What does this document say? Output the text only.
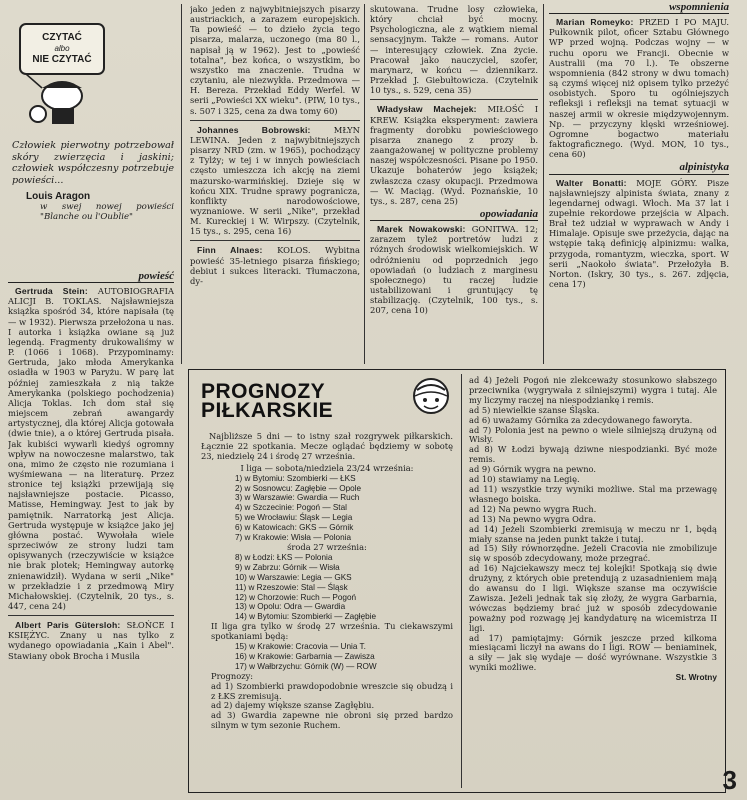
CZYTAĆ
albo
NIE CZYTAĆ
Człowiek pierwotny potrzebował skóry zwierzęcia i jaskini; człowiek współczesny potrzebuje powieści...
Louis Aragon
w swej nowej powieści "Blanche ou l'Oublie"
powieść

Gertruda Stein: AUTOBIOGRAFIA ALICJI B. TOKLAS. Najsławniejsza książka spośród 34, które napisała (tę — w 1932). Pierwsza przełożona u nas. I autorka i książka owiane są już legendą. Fragmenty drukowaliśmy w P. (1066 i 1068). Przypominamy: Gertruda, jako młoda Amerykanka osiadła w 1903 w Paryżu. W parę lat później zamieszkała z nią także Amerykanka (polskiego pochodzenia) Alicja Toklas. Ich dom stał się miejscem zebrań awangardy artystycznej, dla której Alicja gotowała (dwie tnie), a o której Gertruda pisała. Jak kubiści wywarli kiedyś ogromny wpływ na nowoczesne malarstwo, tak ona, mimo że często nie rozumiana i wyśmiewana — na literaturę. Przez stronice tej książki przewijają się najsławniejsze postacie. Picasso, Matisse, Hemingway. Jest to jak by pamiętnik. Narratorką jest Alicja. Gertruda występuje w książce jako jej główna postać. Wywołała wiele sprzeciwów ze strony ludzi tam opisywanych (rzeczywiście w książce nie brak plotek; Hemingway autorkę znienawidził). Wydana w serii „Nike" w przekładzie i z przedmową Miry Michałowskiej. (Czytelnik, 20 tys., s. 447, cena 24)

Albert Paris Gütersloh: SŁOŃCE I KSIĘŻYC. Znany u nas tylko z wydanego opowiadania „Kain i Abel". Stawiany obok Brocha i Musila

jako jeden z najwybitniejszych pisarzy austriackich, a zarazem europejskich. Ta powieść — to dzieło życia tego pisarza, malarza, uczonego (ma 80 l., napisał ją w 1962). Jest to „powieść totalna", bez końca, o wszystkim, bo wszystko ma znaczenie. Trudna w czytaniu, ale niezwykła. Przedmowa — H. Bereza. Przekład Eddy Werfel. W serii „Powieści XX wieku". (PIW, 10 tys., s. 507 i 325, cena za dwa tomy 60)

Johannes Bobrowski:	MŁYN LEWINA. Jeden z najwybitniejszych pisarzy NRD (zm. w 1965), pochodzący z Tylży; w tej i w innych powieściach często umieszcza ich akcję na ziemi mazursko-warmińskiej. Dzieje się w końcu XIX. Trudne sprawy pogranicza, konflikty narodowościowe, wyznaniowe. W serii „Nike", przekład M. Kureckiej i W. Wirpszy. (Czytelnik, 15 tys., s. 295, cena 16)

Finn Alnaes: KOLOS. Wybitna powieść 35-letniego pisarza fińskiego; debiut i sukces literacki. Tłumaczona, dy-

skutowana. Trudne losy człowieka, który chciał być mocny. Psychologiczna, ale z wątkiem niemal sensacyjnym. Także — romans. Autor — interesujący człowiek. Zna życie. Pracował jako nauczyciel, szofer, marynarz, w końcu — dziennikarz. Przekład J. Giebułtowicza. (Czytelnik 10 tys., s. 529, cena 35)

Władysław Machejek: MIŁOŚĆ I KREW. Książka eksperyment: zawiera fragmenty dorobku powieściowego pisarza znanego z prozy b. zaangażowanej w polityczne problemy naszej współczesności. Pisane po 1950. Ukazuje bohaterów jego książek; zwłaszcza czasy okupacji. Przedmowa — W. Maciąg. (Wyd. Poznańskie, 10 tys., s. 287, cena 25)

opowiadania

Marek Nowakowski: GONITWA. 12; zarazem tyleż portretów ludzi z różnych środowisk wielkomiejskich. W odróżnieniu od poprzednich jego opowiadań (o ludziach z marginesu społecznego) tu raczej ludzie ustabilizowani i gruntujący tę stabilizację. (Czytelnik, 100 tys., s. 207, cena 10)

wspomnienia

Marian Romeyko: PRZED I PO MAJU. Pułkownik pilot, oficer Sztabu Głównego WP przed wojną. Podczas wojny — w ruchu oporu we Francji. Obecnie w Australii (ma 70 l.). Te obszerne wspomnienia (842 strony w dwu tomach) są czymś więcej niż opisem tylko przeżyć osobistych. Sporo tu ogólniejszych refleksji i refleksji na temat sytuacji w naszej armii w okresie międzywojennym. Np. — przyczyny klęski wrześniowej. Ogromne bogactwo materiału faktograficznego. (Wyd. MON, 10 tys., cena 60)

alpinistyka

Walter Bonatti: MOJE GÓRY. Pisze najsławniejszy alpinista świata, znany z legendarnej odwagi. Włoch. Ma 37 lat i zupełnie rekordowe przejścia w Alpach. Brał też udział w wyprawach w Andy i Himalaje. Opisuje swe przeżycia, dając na wstępie taką definicję alpinizmu: walka, przygoda, romantyzm, wieczka, sport. W serii „Naokoło świata". Przełożyła B. Norton. (Iskry, 30 tys., s. 267. zdjęcia, cena 17)

PROGNOZY
PIŁKARSKIE

Najbliższe 5 dni — to istny szał rozgrywek piłkarskich. Łącznie 22 spotkania. Mecze oglądać będziemy w sobotę 23, niedzielę 24 i środę 27 września.

I liga — sobota/niedziela 23/24 września:
1) w Bytomiu: Szombierki — ŁKS
2) w Sosnowcu: Zagłębie — Opole
3) w Warszawie: Gwardia — Ruch
4) w Szczecinie: Pogoń — Stal
5) we Wrocławiu: Śląsk — Legia
6) w Katowicach: GKS — Górnik
7) w Krakowie: Wisła — Polonia
środa 27 września:
8) w Łodzi: ŁKS — Polonia
9) w Zabrzu: Górnik — Wisła
10) w Warszawie: Legia — GKS
11) w Rzeszowie: Stal — Śląsk
12) w Chorzowie: Ruch — Pogoń
13) w Opolu: Odra — Gwardia
14) w Bytomiu: Szombierki — Zagłębie
II liga gra tylko w środę 27 września. Tu ciekawszymi spotkaniami będą:
15) w Krakowie: Cracovia — Unia T.
16) w Krakowie: Garbarnia — Zawisza
17) w Wałbrzychu: Górnik (W) — ROW
Prognozy:
ad 1) Szombierki prawdopodobnie wreszcie się obudzą i z ŁKS zremisują.
ad 2) dajemy większe szanse Zagłębiu.
ad 3) Gwardia zapewne nie obroni się przed bardzo silnym w tym sezonie Ruchem.
ad 4) Jeżeli Pogoń nie zlekceważy stosunkowo słabszego przeciwnika (wygrywała z silniejszymi) wygra i tutaj. Ale my liczymy raczej na niespodziankę i remis.
ad 5) niewielkie szanse Śląska.
ad 6) uważamy Górnika za zdecydowanego faworyta.
ad 7) Polonia jest na pewno o wiele silniejszą drużyną od Wisły.
ad 8) W Łodzi bywają dziwne niespodzianki. Być może remis.
ad 9) Górnik wygra na pewno.
ad 10) stawiamy na Legię.
ad 11) wszystkie trzy wyniki możliwe. Stal ma przewagę własnego boiska.
ad 12) Na pewno wygra Ruch.
ad 13) Na pewno wygra Odra.
ad 14) Jeżeli Szombierki zremisują w meczu nr 1, będą miały szanse na jeden punkt także i tutaj.
ad 15) Siły równorzędne. Jeżeli Cracovia nie zmobilizuje się w sposób zdecydowany, może przegrać.
ad 16) Najciekawszy mecz tej kolejki! Spotkają się dwie drużyny, z których obie pretendują z uzasadnieniem mają do awansu do I ligi. Większe szanse ma oczywiście Zawisza. Jeżeli jednak tak się złoży, że wygra Garbarnia, wówczas będziemy brać już w sposób zdecydowanie poważny pod rozwagę jej kandydaturę na wicemistrza II ligi.
ad 17) pamiętajmy: Górnik jeszcze przed kilkoma miesiącami liczył na awans do I ligi. ROW — beniaminek, a siły — jak się wydaje — dość wyrównane. Wszystkie 3 wyniki możliwe.
St. Wrotny
3
